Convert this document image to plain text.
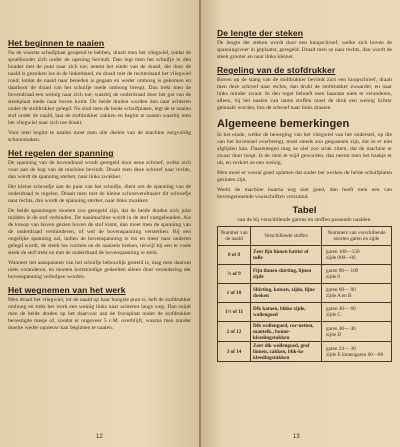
Het beginnen te naaien

Na de voorste schuifplaat geopend te hebben, draait men het vliegwiel, totdat de spoelhouder zich onder de opening bevindt. Dan legt men het schuifje in den houder met de punt naar zich toe; neemt het einde van de draad, die door de naald is gestoken los in de linkerhand, en draait met de rechterhand het vliegwiel rond; totdat de naald naar beneden is gegaan en weder omhoog is gekomen en daarboor de draad van het schuifje mede omhoog brengt. Dan trekt men de bovendraad een weinig naar zich toe; waarbij de onderdraad door het gat van de steekplaat mede naar boven komt. De beide draden worden dan naar achteren onder de stofdrukker gelegd. Nu sluit men de beide schuifplaten, legt de te naaien stof onder de naald, laat de stofdrukker zakken en begint te naaien waarbij men het vliegwiel naar zich toe draait.

Voor men begint te naaien moet men alle deelen van de machine zorgvuldig schoonmaken.

Het regelen der spanning

De spanning van de bovendraad wordt geregeld door eene schroef, welke zich voor aan de kop van de machine bevindt. Draait men deze schroef naar rechts, dan wordt de spanning sterker, naar links zwakker.

Het kleine schroefje aan de punt van het schuifje, dient om de spanning van de onderdraad te regelen. Draait men met de kleine schroevendraaier dit schroefje naar rechts, dan wordt de spanning sterker, naar links zwakker.

De beide spanningen moeten zoo geregeld zijn, dat de beide draden zich juist midden in de stof verbinden. De naaimachine wordt in de stof vastgehouden. Als de knoop van boven gezien boven de stof komt, dan moet men de spanning van de onderdraad verminderen, of wel de bovenspanning versterken. Bij een ongelijke spanning zal, indien de bovenspanning te los en meer naar onderen gelegd wordt, de steek lus vormen en de naaisels breken, terwijl bij een te vaste steek de stof trekt en met de onderdraad de bovenspanning te sterk.

Wanneer het aanspannen van het schuifje behoorlijk gesteld is, mag men daarom niets veranderen, en moeten kortstondige gedeelten alleen door verandering der bovenspanning verholpen worden.

Het wegnemen van het werk

Men draait het vliegwiel, tot de naald op haar hoogste punt is, heft de stofdrukker omhoog en trekt het werk een weinig links naar achteren langs weg. Dan snijdt men de beide draden op het daarvoor aan de fronsplaat onder de stofdrukker bevestigde mesje of, zoodat er ongeveer 5 c.M. overblijft, waarna men zonder moeite weder opnieuw kan beginnen te naaien.

12
De lengte der steken

De lengte der steken wordt door een knopschroef, welke zich boven de spanningsveer in geplaatst, geregeld. Draait men ze naar rechts, dan wordt de steek grooter en naar links kleiner.

Regeling van de stofdrukker

Boven op de stang van de stofdrukker bevindt zich een knopschroef, draait men deze schroef naar rechts, dan drukt de stofdrukker zwaarder, en naar links minder zwaar. In den regel behoeft men baaraan niets te veranderen, alleen, bij het naaien van ianne stoffen moet de druk een weinig lichter gemaakt worden, bus de schroef naar links draaien.

Algemeene bemerkingen

In het einde, welke de beweging van het vliegwiel van het onderstel, op die van het bovenstel overbrengt, moet steeds zoo gespannen zijn, dat ze er niet afglijden kan. Daarentegen mag ze niet zoo strak zitten, dat de machine er zwaar door loopt. Is de riem te wijd geworden, dan neemt men het baakje er uit, en verkort ze een weinig.

Men moet er vooral goed opletten dat onder het werken de beide schuifplaten gesloten zijn.

Werkt de machine buarna nog niet goed, dan heeft men een van bovengenoemde voorschriften verzuimd.

Tabel
van de bij verschillende garens en stoffen passende naalden.
Nummer van de naald	Verschillende stoffen	Nummers van verschillende soorten garen en zijde
0 of 8	Zeer fijn linnen battist of tulle	garen 100—150
zijde 000—00

⅔ of 9	Fijn linnen shirting, lijnen zijde	garen 80— 100
zijde 0

1 of 10	Shirting, katoen, zijde, fijne doeken	garen 60— 80
zijde A en B

1½ of 11	Dik katoen, bikke zijde, wollengoed	garen 40— 60
zijde C

2 of 12	Dik wollengoed, cor-netten, mantelk., bonne-kleedingstukken	garen 30— 40
zijde D

3 of 14	Zeer dik wollengoed, grof linnen, zakken, blik-ke kleedingstukken	garen 24— 30
zijde E linnengaren 60—80
13
